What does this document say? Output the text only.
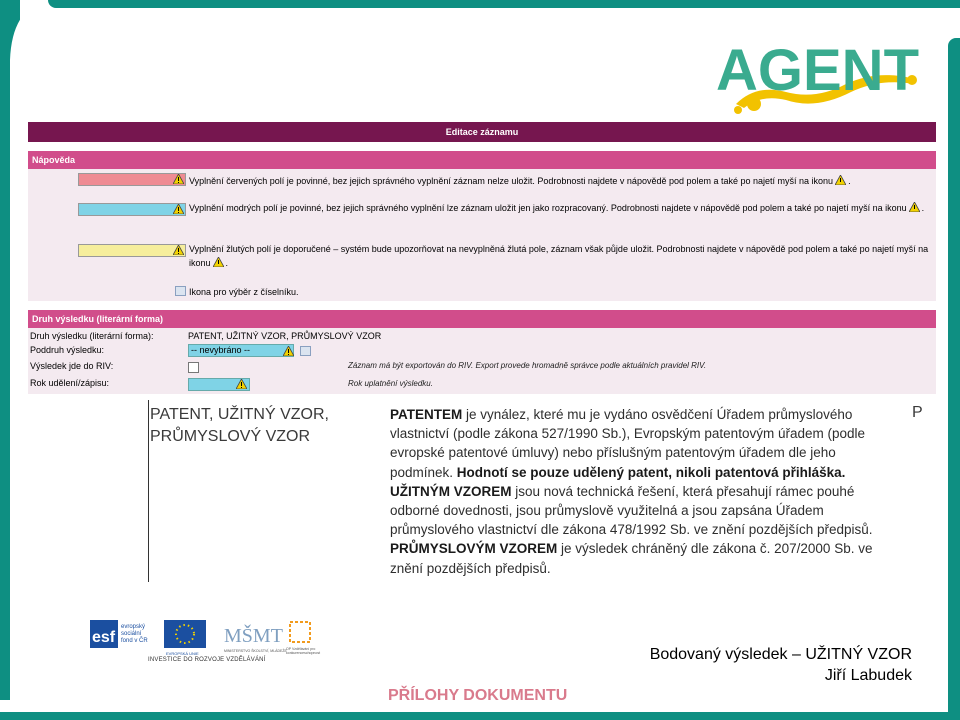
AGENT
Editace záznamu
Nápověda
Vyplnění červených polí je povinné, bez jejich správného vyplnění záznam nelze uložit. Podrobnosti najdete v nápovědě pod polem a také po najetí myší na ikonu .
Vyplnění modrých polí je povinné, bez jejich správného vyplnění lze záznam uložit jen jako rozpracovaný. Podrobnosti najdete v nápovědě pod polem a také po najetí myší na ikonu .
Vyplnění žlutých polí je doporučené – systém bude upozorňovat na nevyplněná žlutá pole, záznam však půjde uložit. Podrobnosti najdete v nápovědě pod polem a také po najetí myší na ikonu .
Ikona pro výběr z číselníku.
Druh výsledku (literární forma)
Druh výsledku (literární forma):	PATENT, UŽITNÝ VZOR, PRŮMYSLOVÝ VZOR
Poddruh výsledku:	-- nevybráno --
Výsledek jde do RIV:	Záznam má být exportován do RIV. Export provede hromadně správce podle aktuálních pravidel RIV.
Rok udělení/zápisu:	Rok uplatnění výsledku.
PATENT, UŽITNÝ VZOR, PRŮMYSLOVÝ VZOR
P
PATENTEM je vynález, které mu je vydáno osvědčení Úřadem průmyslového vlastnictví (podle zákona 527/1990 Sb.), Evropským patentovým úřadem (podle evropské patentové úmluvy) nebo příslušným patentovým úřadem dle jeho podmínek. Hodnotí se pouze udělený patent, nikoli patentová přihláška.
UŽITNÝM VZOREM jsou nová technická řešení, která přesahují rámec pouhé odborné dovednosti, jsou průmyslově využitelná a jsou zapsána Úřadem průmyslového vlastnictví dle zákona 478/1992 Sb. ve znění pozdějších předpisů.
PRŮMYSLOVÝM VZOREM je výsledek chráněný dle zákona č. 207/2000 Sb. ve znění pozdějších předpisů.
esf
evropský
sociální
fond v ČR
EVROPSKÁ UNIE
MŠMT
MINISTERSTVO ŠKOLSTVÍ, MLÁDEŽE OP Vzdělávání pro
konkurenceschopnost
INVESTICE DO ROZVOJE VZDĚLÁVÁNÍ	Bodovaný výsledek – UŽITNÝ VZOR
Jiří Labudek
PŘÍLOHY DOKUMENTU
